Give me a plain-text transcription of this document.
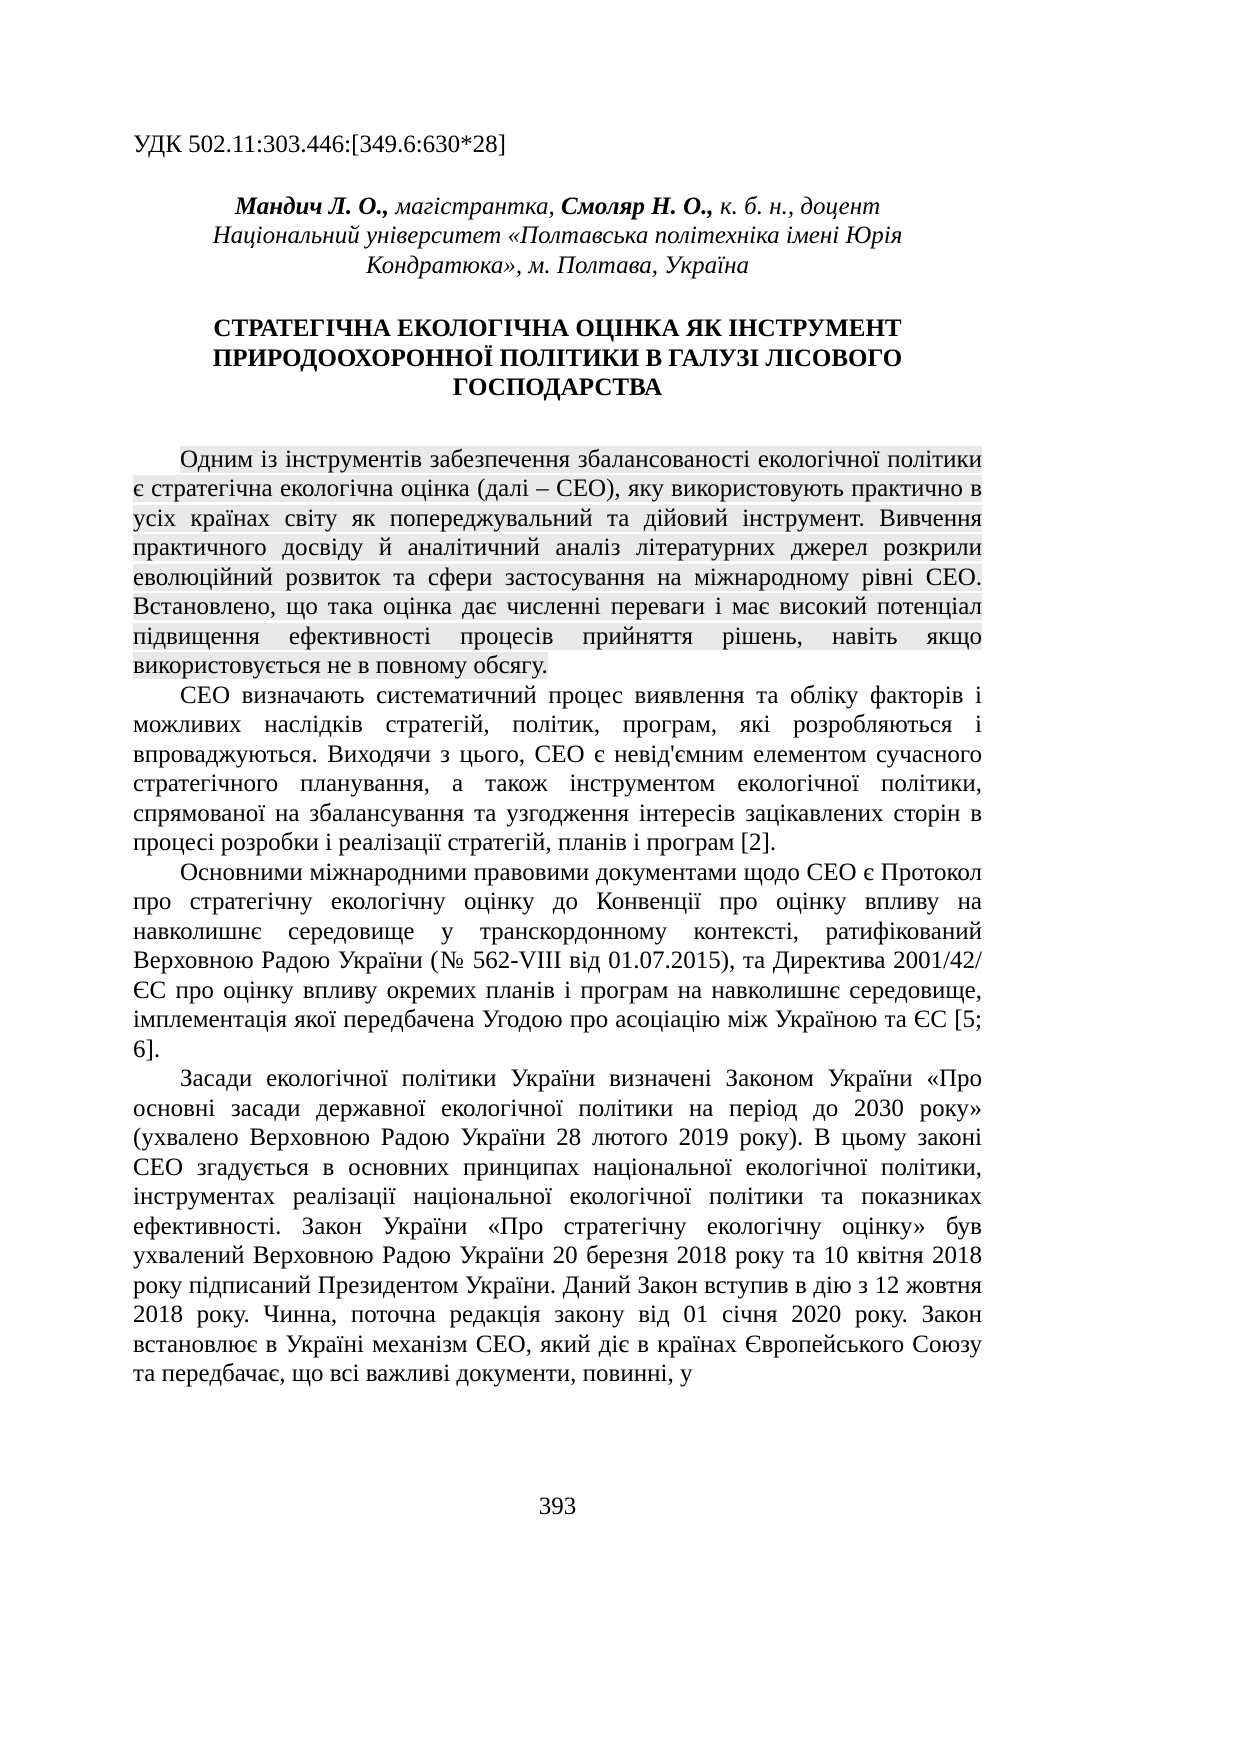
УДК 502.11:303.446:[349.6:630*28]
Мандич Л. О., магістрантка, Смоляр Н. О., к. б. н., доцент
Національний університет «Полтавська політехніка імені Юрія Кондратюка», м. Полтава, Україна
СТРАТЕГІЧНА ЕКОЛОГІЧНА ОЦІНКА ЯК ІНСТРУМЕНТ ПРИРОДООХОРОННОЇ ПОЛІТИКИ В ГАЛУЗІ ЛІСОВОГО ГОСПОДАРСТВА

Одним із інструментів забезпечення збалансованості екологічної політики є стратегічна екологічна оцінка (далі – СЕО), яку використовують практично в усіх країнах світу як попереджувальний та дійовий інструмент. Вивчення практичного досвіду й аналітичний аналіз літературних джерел розкрили еволюційний розвиток та сфери застосування на міжнародному рівні СЕО. Встановлено, що така оцінка дає численні переваги і має високий потенціал підвищення ефективності процесів прийняття рішень, навіть якщо використовується не в повному обсягу.

СЕО визначають систематичний процес виявлення та обліку факторів і можливих наслідків стратегій, політик, програм, які розробляються і впроваджуються. Виходячи з цього, СЕО є невід'ємним елементом сучасного стратегічного планування, а також інструментом екологічної політики, спрямованої на збалансування та узгодження інтересів зацікавлених сторін в процесі розробки і реалізації стратегій, планів і програм [2].

Основними міжнародними правовими документами щодо СЕО є Протокол про стратегічну екологічну оцінку до Конвенції про оцінку впливу на навколишнє середовище у транскордонному контексті, ратифікований Верховною Радою України (№ 562-VIII від 01.07.2015), та Директива 2001/42/ЄС про оцінку впливу окремих планів і програм на навколишнє середовище, імплементація якої передбачена Угодою про асоціацію між Україною та ЄС [5; 6].

Засади екологічної політики України визначені Законом України «Про основні засади державної екологічної політики на період до 2030 року» (ухвалено Верховною Радою України 28 лютого 2019 року). В цьому законі СЕО згадується в основних принципах національної екологічної політики, інструментах реалізації національної екологічної політики та показниках ефективності. Закон України «Про стратегічну екологічну оцінку» був ухвалений Верховною Радою України 20 березня 2018 року та 10 квітня 2018 року підписаний Президентом України. Даний Закон вступив в дію з 12 жовтня 2018 року. Чинна, поточна редакція закону від 01 січня 2020 року. Закон встановлює в Україні механізм СЕО, який діє в країнах Європейського Союзу та передбачає, що всі важливі документи, повинні, у

393
